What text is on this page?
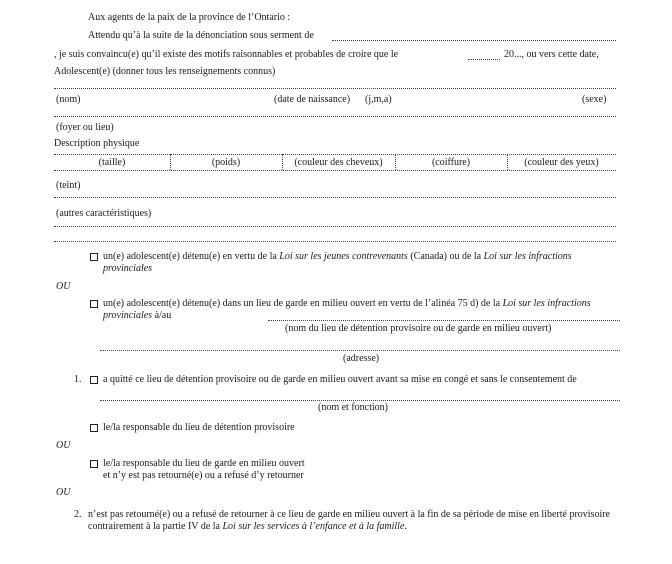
Aux agents de la paix de la province de l’Ontario :
Attendu qu’à la suite de la dénonciation sous serment de
, je suis convaincu(e) qu’il existe des motifs raisonnables et probables de croire que le	20..., ou vers cette date,
Adolescent(e) (donner tous les renseignements connus)
(nom)	(date de naissance) (j,m,a)	(sexe)
(foyer ou lieu)
Description physique
(taille)	(poids)	(couleur des cheveux)	(coiffure)	(couleur des yeux)
(teint)
(autres caractéristiques)
un(e) adolescent(e) détenu(e) en vertu de la Loi sur les jeunes contrevenants (Canada) ou de la Loi sur les infractions provinciales
OU
un(e) adolescent(e) détenu(e) dans un lieu de garde en milieu ouvert en vertu de l’alinéa 75 d) de la Loi sur les infractions provinciales à/au
(nom du lieu de détention provisoire ou de garde en milieu ouvert)
(adresse)
1. a quitté ce lieu de détention provisoire ou de garde en milieu ouvert avant sa mise en congé et sans le consentement de
(nom et fonction)
le/la responsable du lieu de détention provisoire
OU
le/la responsable du lieu de garde en milieu ouvert
et n’y est pas retourné(e) ou a refusé d’y retourner
OU
2. n’est pas retourné(e) ou a refusé de retourner à ce lieu de garde en milieu ouvert à la fin de sa période de mise en liberté provisoire contrairement à la partie IV de la Loi sur les services à l’enfance et à la famille.
